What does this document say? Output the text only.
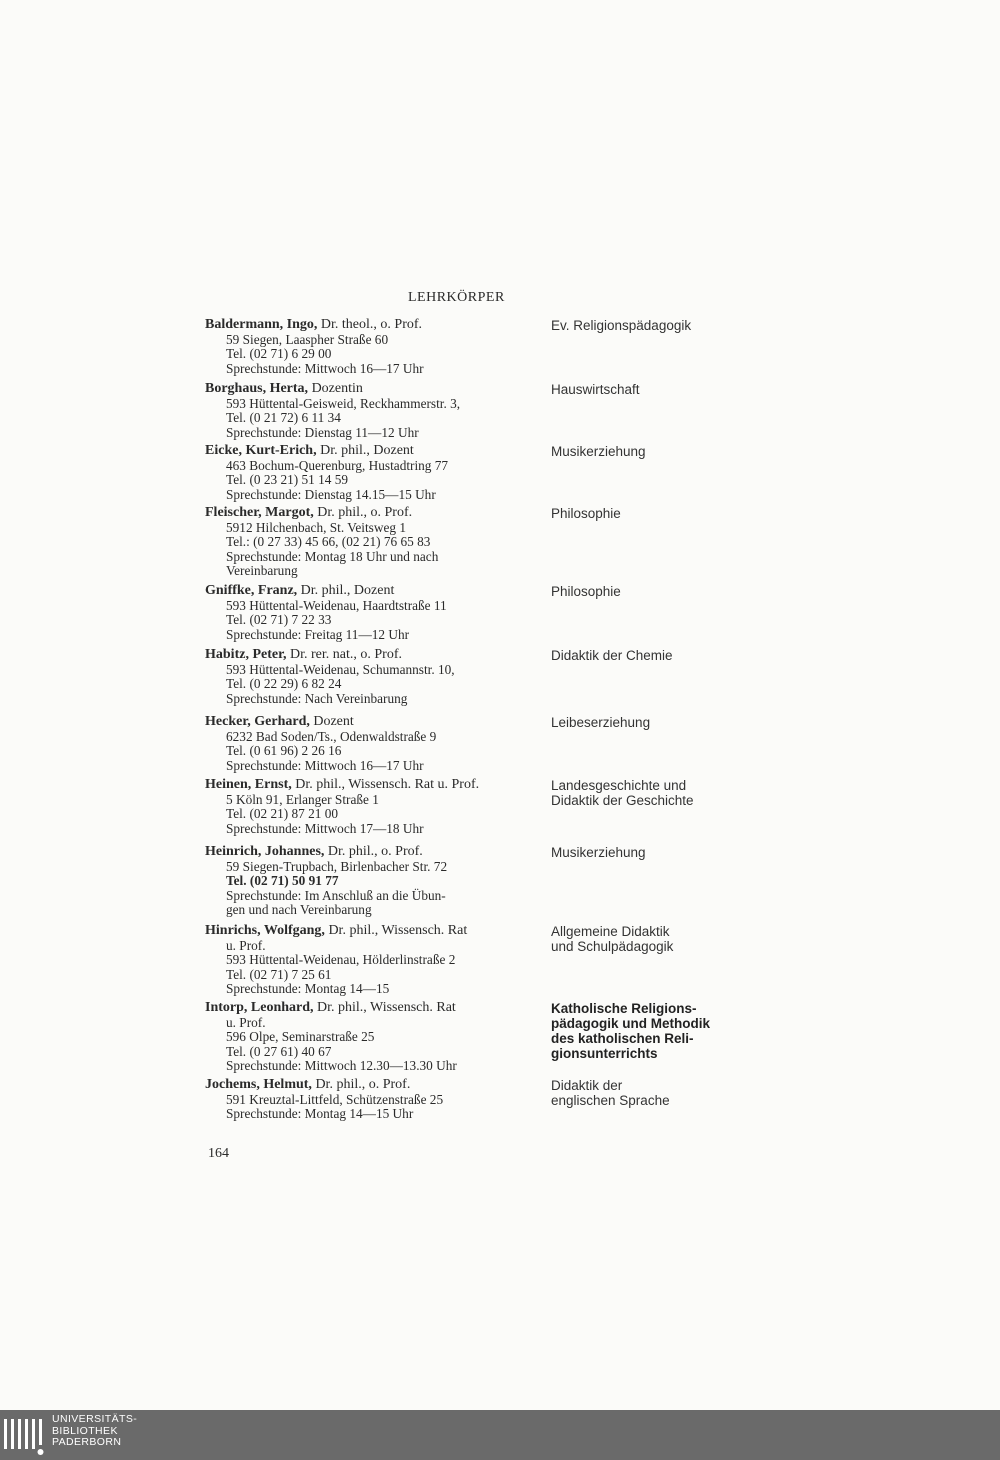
LEHRKÖRPER

Baldermann, Ingo, Dr. theol., o. Prof.

59 Siegen, Laaspher Straße 60

Tel. (02 71) 6 29 00

Sprechstunde: Mittwoch 16—17 Uhr

Ev. Religionspädagogik

Borghaus, Herta, Dozentin

593 Hüttental-Geisweid, Reckhammerstr. 3,

Tel. (0 21 72) 6 11 34

Sprechstunde: Dienstag 11—12 Uhr

Hauswirtschaft

Eicke, Kurt-Erich, Dr. phil., Dozent

463 Bochum-Querenburg, Hustadtring 77

Tel. (0 23 21) 51 14 59

Sprechstunde: Dienstag 14.15—15 Uhr

Musikerziehung

Fleischer, Margot, Dr. phil., o. Prof.

5912 Hilchenbach, St. Veitsweg 1

Tel.: (0 27 33) 45 66, (02 21) 76 65 83

Sprechstunde: Montag 18 Uhr und nach

Vereinbarung

Philosophie

Gniffke, Franz, Dr. phil., Dozent

593 Hüttental-Weidenau, Haardtstraße 11

Tel. (02 71) 7 22 33

Sprechstunde: Freitag 11—12 Uhr

Philosophie

Habitz, Peter, Dr. rer. nat., o. Prof.

593 Hüttental-Weidenau, Schumannstr. 10,

Tel. (0 22 29) 6 82 24

Sprechstunde: Nach Vereinbarung

Didaktik der Chemie

Hecker, Gerhard, Dozent

6232 Bad Soden/Ts., Odenwaldstraße 9

Tel. (0 61 96) 2 26 16

Sprechstunde: Mittwoch 16—17 Uhr

Leibeserziehung

Heinen, Ernst, Dr. phil., Wissensch. Rat u. Prof.

5 Köln 91, Erlanger Straße 1

Tel. (02 21) 87 21 00

Sprechstunde: Mittwoch 17—18 Uhr

Landesgeschichte und
Didaktik der Geschichte

Heinrich, Johannes, Dr. phil., o. Prof.

59 Siegen-Trupbach, Birlenbacher Str. 72

Tel. (02 71) 50 91 77

Sprechstunde: Im Anschluß an die Übun-

gen und nach Vereinbarung

Musikerziehung

Hinrichs, Wolfgang, Dr. phil., Wissensch. Rat

u. Prof.

593 Hüttental-Weidenau, Hölderlinstraße 2

Tel. (02 71) 7 25 61

Sprechstunde: Montag 14—15

Allgemeine Didaktik
und Schulpädagogik

Intorp, Leonhard, Dr. phil., Wissensch. Rat

u. Prof.

596 Olpe, Seminarstraße 25

Tel. (0 27 61) 40 67

Sprechstunde: Mittwoch 12.30—13.30 Uhr

Katholische Religions-
pädagogik und Methodik
des katholischen Reli-
gionsunterrichts

Jochems, Helmut, Dr. phil., o. Prof.

591 Kreuztal-Littfeld, Schützenstraße 25

Sprechstunde: Montag 14—15 Uhr

Didaktik der
englischen Sprache
164
UNIVERSITÄTS-
BIBLIOTHEK
PADERBORN
